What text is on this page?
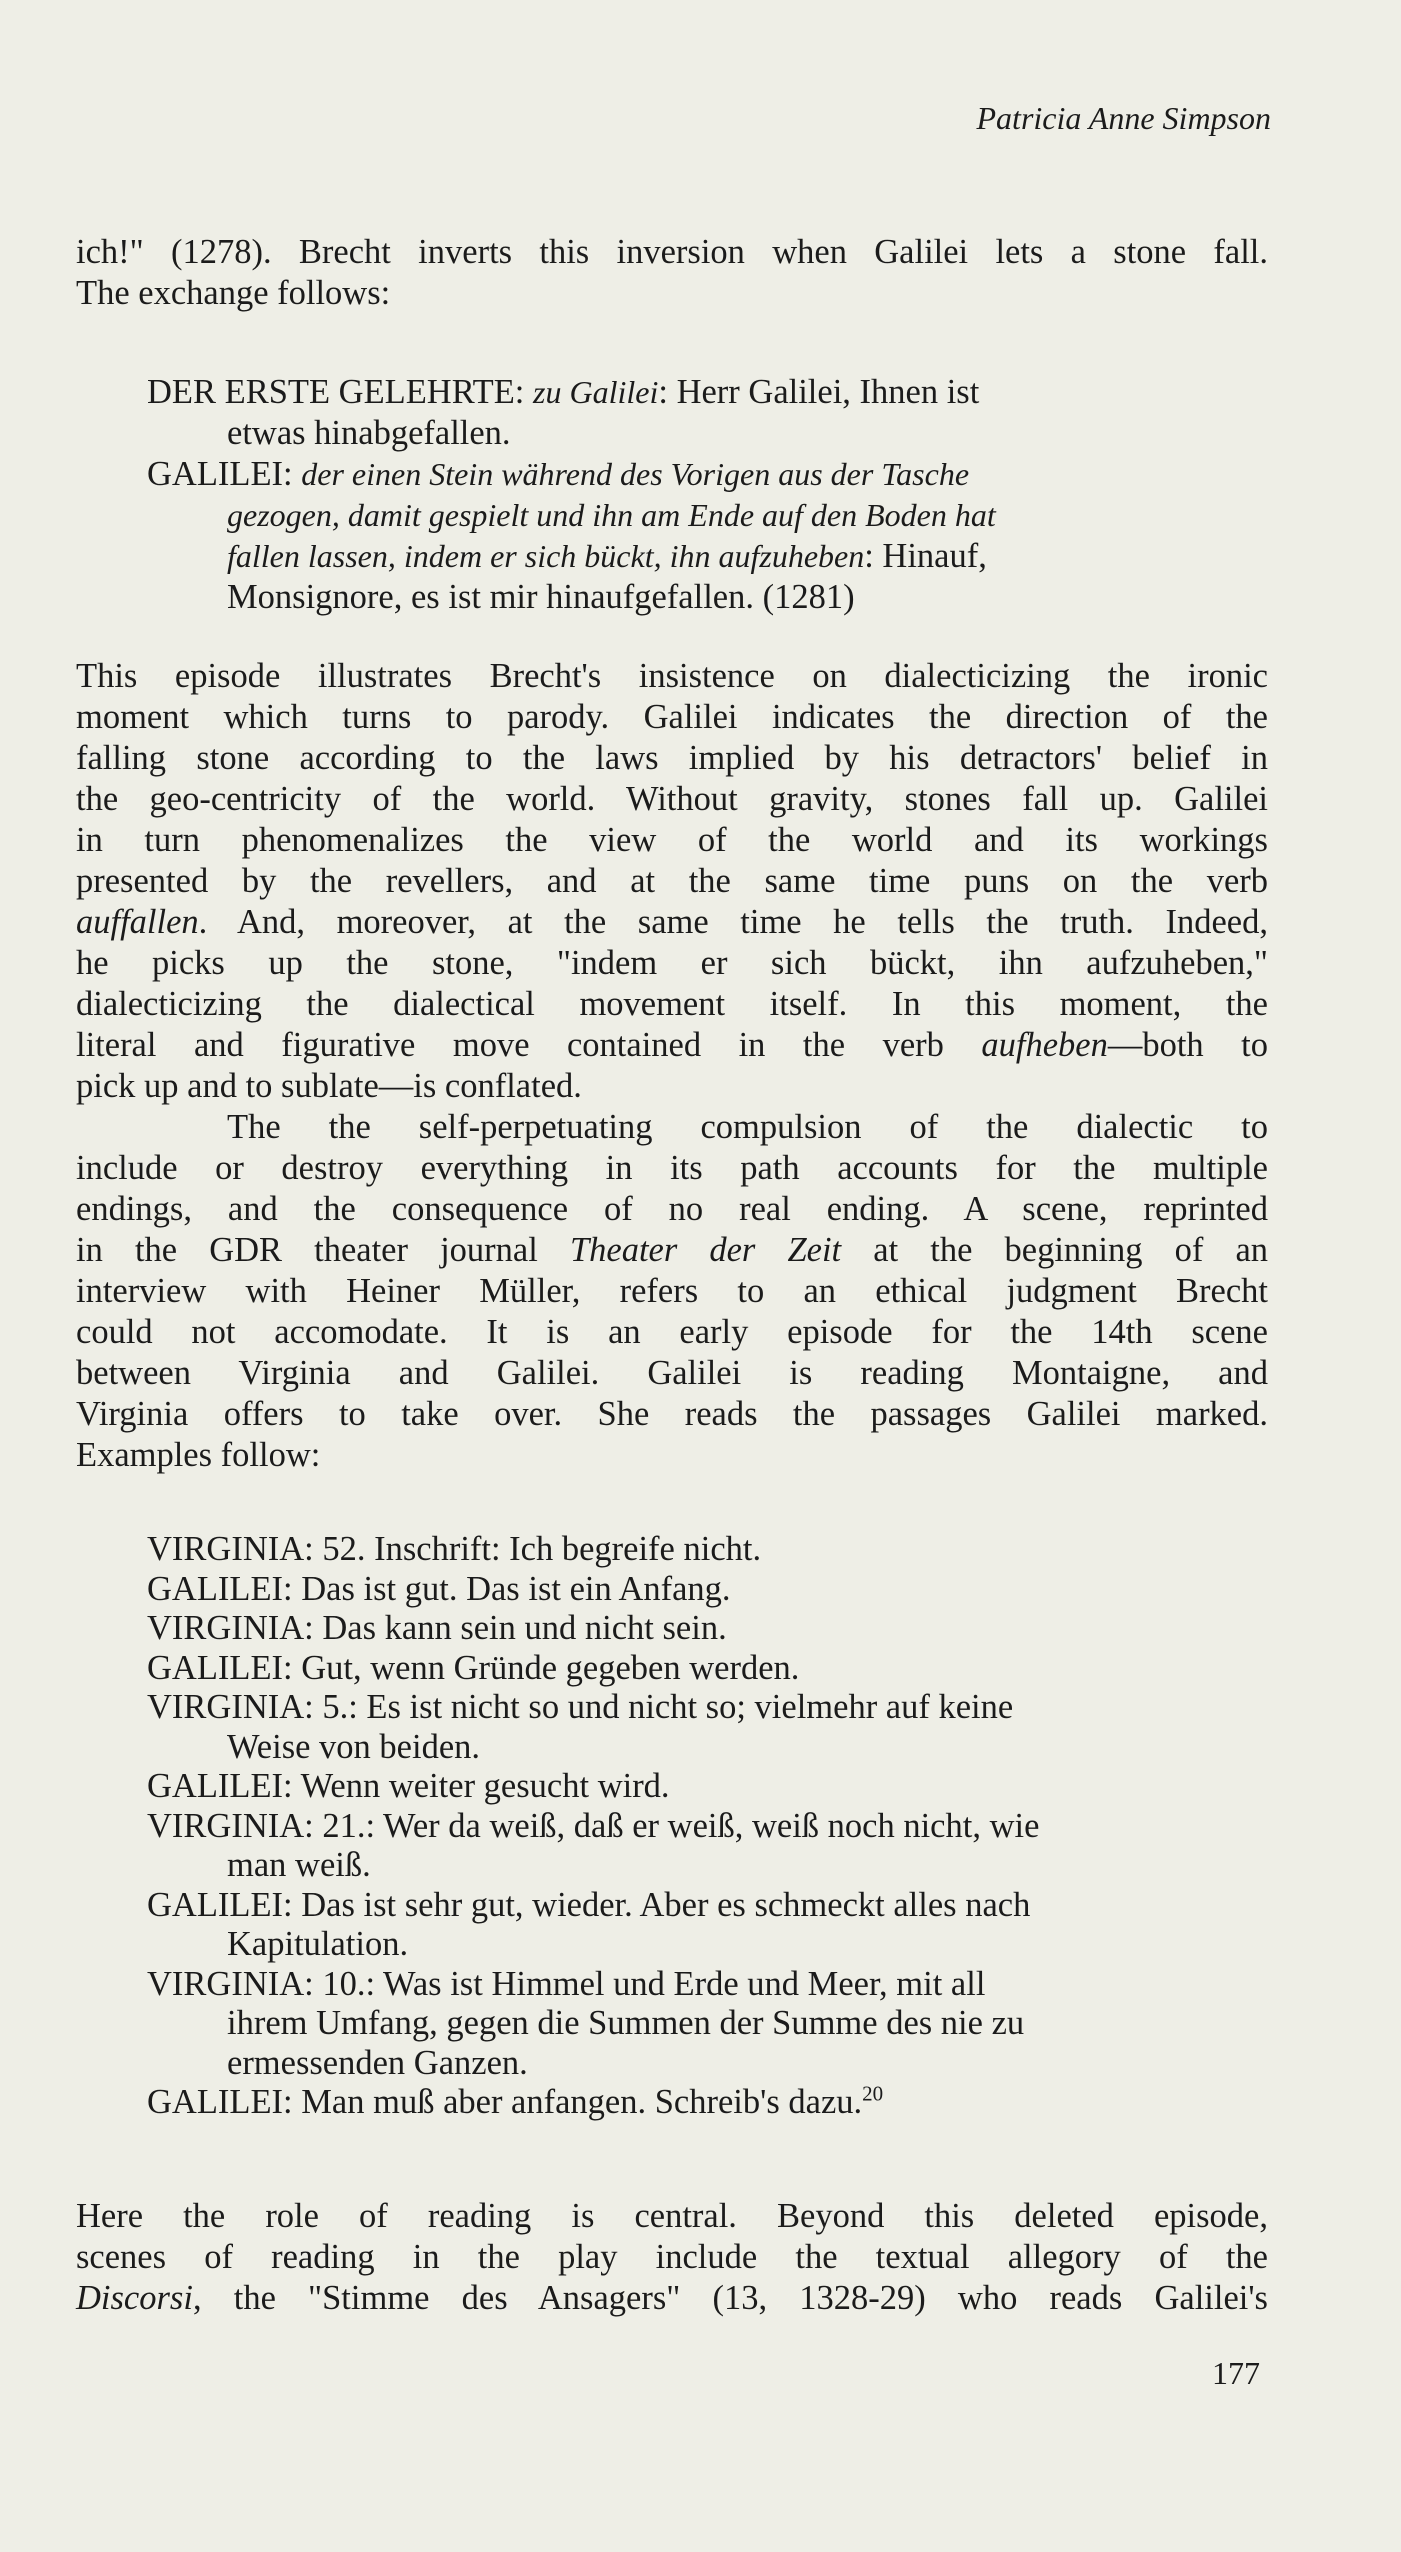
Patricia Anne Simpson
ich!" (1278). Brecht inverts this inversion when Galilei lets a stone fall.
The exchange follows:
DER ERSTE GELEHRTE: zu Galilei: Herr Galilei, Ihnen ist
etwas hinabgefallen.
GALILEI: der einen Stein während des Vorigen aus der Tasche
gezogen, damit gespielt und ihn am Ende auf den Boden hat
fallen lassen, indem er sich bückt, ihn aufzuheben: Hinauf,
Monsignore, es ist mir hinaufgefallen. (1281)
This episode illustrates Brecht's insistence on dialecticizing the ironic
moment which turns to parody. Galilei indicates the direction of the
falling stone according to the laws implied by his detractors' belief in
the geo-centricity of the world. Without gravity, stones fall up. Galilei
in turn phenomenalizes the view of the world and its workings
presented by the revellers, and at the same time puns on the verb
auffallen. And, moreover, at the same time he tells the truth. Indeed,
he picks up the stone, "indem er sich bückt, ihn aufzuheben,"
dialecticizing the dialectical movement itself. In this moment, the
literal and figurative move contained in the verb aufheben—both to
pick up and to sublate—is conflated.
The the self-perpetuating compulsion of the dialectic to
include or destroy everything in its path accounts for the multiple
endings, and the consequence of no real ending. A scene, reprinted
in the GDR theater journal Theater der Zeit at the beginning of an
interview with Heiner Müller, refers to an ethical judgment Brecht
could not accomodate. It is an early episode for the 14th scene
between Virginia and Galilei. Galilei is reading Montaigne, and
Virginia offers to take over. She reads the passages Galilei marked.
Examples follow:
VIRGINIA: 52. Inschrift: Ich begreife nicht.
GALILEI: Das ist gut. Das ist ein Anfang.
VIRGINIA: Das kann sein und nicht sein.
GALILEI: Gut, wenn Gründe gegeben werden.
VIRGINIA: 5.: Es ist nicht so und nicht so; vielmehr auf keine
Weise von beiden.
GALILEI: Wenn weiter gesucht wird.
VIRGINIA: 21.: Wer da weiß, daß er weiß, weiß noch nicht, wie
man weiß.
GALILEI: Das ist sehr gut, wieder. Aber es schmeckt alles nach
Kapitulation.
VIRGINIA: 10.: Was ist Himmel und Erde und Meer, mit all
ihrem Umfang, gegen die Summen der Summe des nie zu
ermessenden Ganzen.
GALILEI: Man muß aber anfangen. Schreib's dazu.$^{20}$
Here the role of reading is central. Beyond this deleted episode,
scenes of reading in the play include the textual allegory of the
Discorsi, the "Stimme des Ansagers" (13, 1328-29) who reads Galilei's
177
